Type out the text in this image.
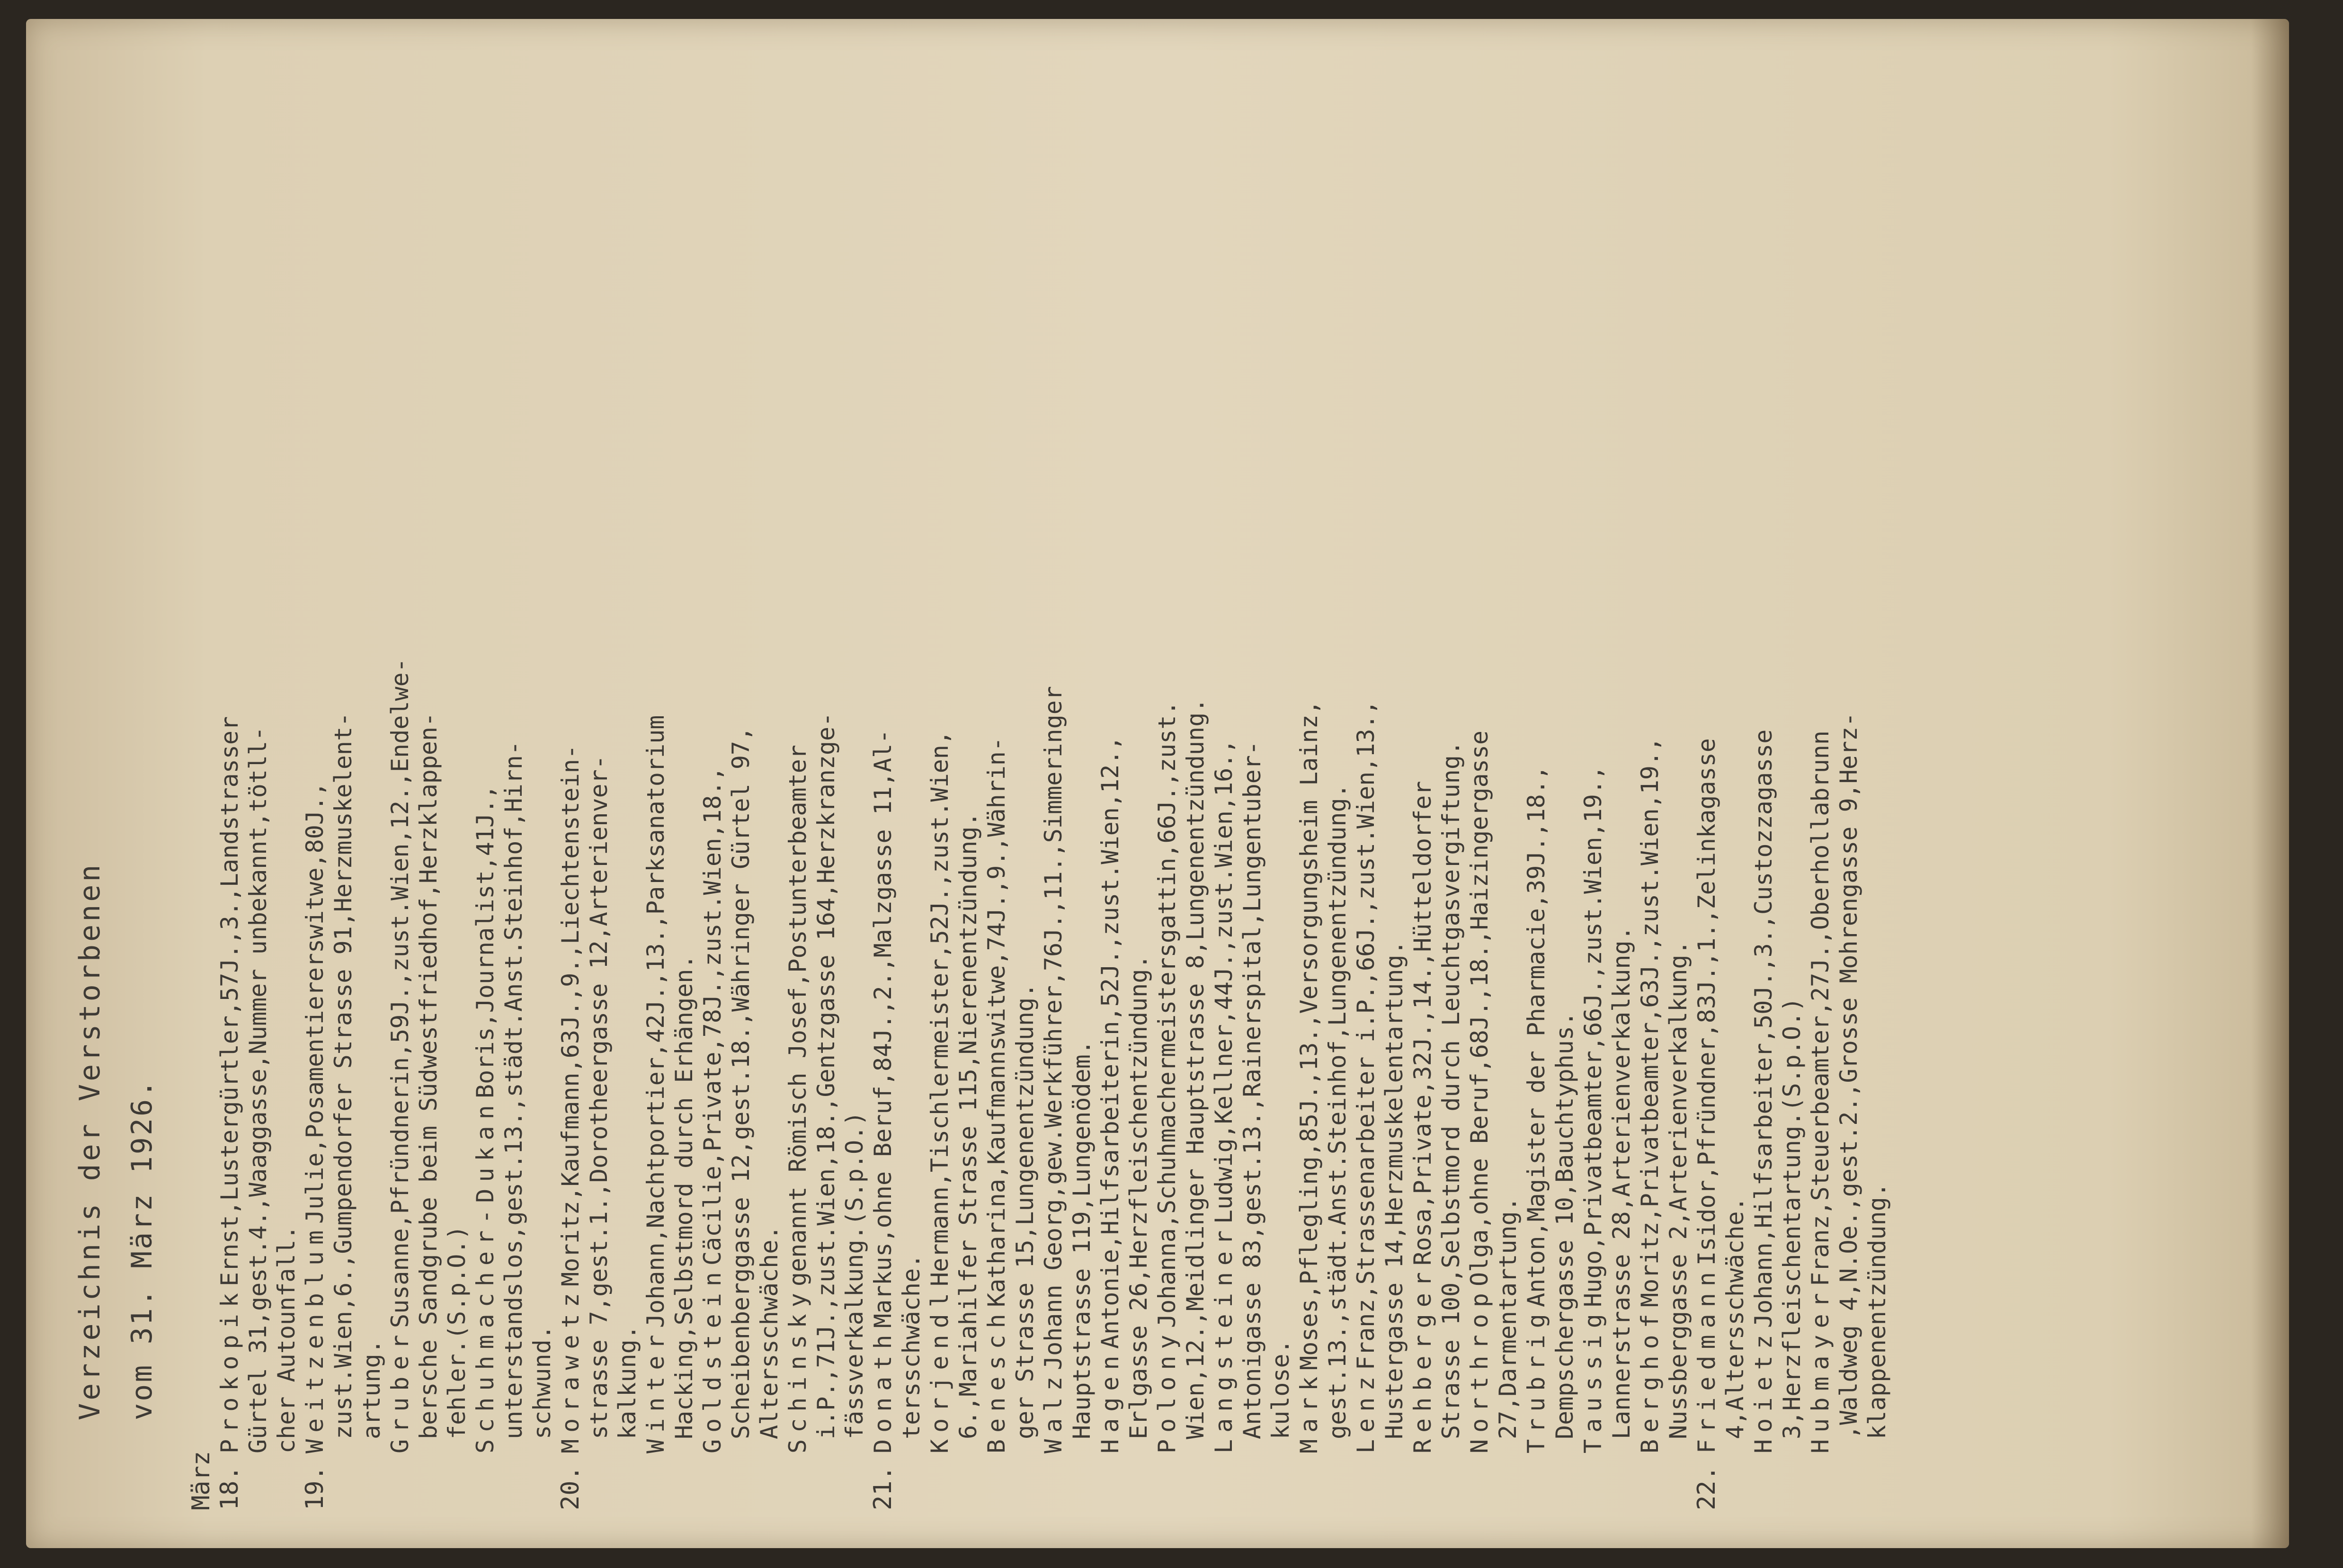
Verzeichnis der Verstorbenen vom 31. März 1926.
März 18.
Prokopik
Ernst,Lustergürtler,57J.,3.,Landstrasser Gürtel 31,gest.4.,Waaggasse,Nummer unbekannt,tötll- cher Autounfall.
19.
Weitzenblum
Julie,Posamentiererswitwe,80J., zust.Wien,6.,Gumpendorfer Strasse 91,Herzmuskelent- artung. Gruber
Susanne,Pfründnerin,59J.,zust.Wien,12.,Endelwe- bersche Sandgrube beim Südwestfriedhof,Herzklappen- fehler.(S.p.O.) Schuhmacher-Dukan
Boris,Journalist,41J., unterstandslos,gest.13.,städt.Anst.Steinhof,Hirn- schwund.
20.
Morawetz
Moritz,Kaufmann,63J.,9.,Liechtenstein- strasse 7,gest.1.,Dorotheergasse 12,Arterienver- kalkung. Winter
Johann,Nachtportier,42J.,13.,Parksanatorium Hacking,Selbstmord durch Erhängen. Goldstein
Cäcilie,Private,78J.,zust.Wien,18., Scheibenberggasse 12,gest.18.,Währinger Gürtel 97, Altersschwäche. Schinsky
genannt Römisch Josef,Postunterbeamter i.P.,71J.,zust.Wien,18.,Gentzgasse 164,Herzkranzge- fässverkalkung.(S.p.O.)
21.
Donath
Markus,ohne Beruf,84J.,2.,Malzgasse 11,Al-
tersschwäche. Korjendl
Hermann,Tischlermeister,52J.,zust.Wien, 6.,Mariahilfer Strasse 115,Nierenentzündung. Benesch
Katharina,Kaufmannswitwe,74J.,9.,Währin- ger Strasse 15,Lungenentzündung. Walz
Johann Georg,gew.Werkführer,76J.,11.,Simmeringer Hauptstrasse 119,Lungenödem. Hagen
Antonie,Hilfsarbeiterin,52J.,zust.Wien,12., Erlgasse 26,Herzfleischentzündung. Polony
Johanna,Schuhmachermeistersgattin,66J.,zust. Wien,12.,Meidlinger Hauptstrasse 8,Lungenentzündung. Langsteiner
Ludwig,Kellner,44J.,zust.Wien,16., Antonigasse 83,gest.13.,Rainerspital,Lungentuber- kulose. Mark
Moses,Pflegling,85J.,13.,Versorgungsheim Lainz, gest.13.,städt.Anst.Steinhof,Lungenentzündung. Lenz
Franz,Strassenarbeiter i.P.,66J.,zust.Wien,13., Hustergasse 14,Herzmuskelentartung. Rehberger
Rosa,Private,32J.,14.,Hütteldorfer Strasse 100,Selbstmord durch Leuchtgasvergiftung. Northrop
Olga,ohne Beruf,68J.,18.,Haizingergasse
27,Darmentartung. Trubrig
Anton,Magister der Pharmacie,39J.,18., Dempschergasse 10,Bauchtyphus. Taussig
Hugo,Privatbeamter,66J.,zust.Wien,19., Lannerstrasse 28,Arterienverkalkung. Berghof
Moritz,Privatbeamter,63J.,zust.Wien,19., Nussberggasse 2,Arterienverkalkung.
22.
Friedmann
Isidor,Pfründner,83J.,1.,Zelinkagasse
4,Altersschwäche. Hoietz
Johann,Hilfsarbeiter,50J.,3.,Custozzagasse 3,Herzfleischentartung.(S.p.O.) Hubmayer
Franz,Steuerbeamter,27J.,Oberhollabrunn ,Waldweg 4,N.Oe.,gest.2.,Grosse Mohrengasse 9,Herz- klappenentzündung.
